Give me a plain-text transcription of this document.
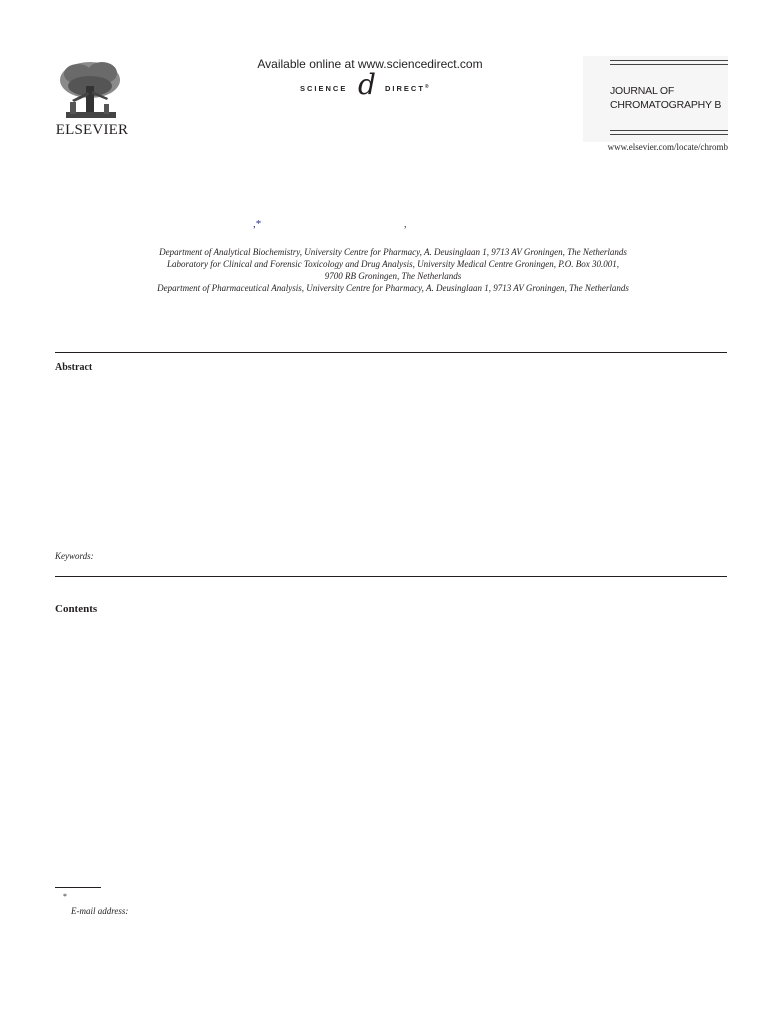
ELSEVIER
Available online at www.sciencedirect.com
SCIENCE d DIRECT®	JOURNAL OF
CHROMATOGRAPHY B
www.elsevier.com/locate/chromb
,*	,
Department of Analytical Biochemistry, University Centre for Pharmacy, A. Deusinglaan 1, 9713 AV Groningen, The Netherlands
Laboratory for Clinical and Forensic Toxicology and Drug Analysis, University Medical Centre Groningen, P.O. Box 30.001,
9700 RB Groningen, The Netherlands
Department of Pharmaceutical Analysis, University Centre for Pharmacy, A. Deusinglaan 1, 9713 AV Groningen, The Netherlands
Abstract
Keywords:
Contents
*
E-mail address:
